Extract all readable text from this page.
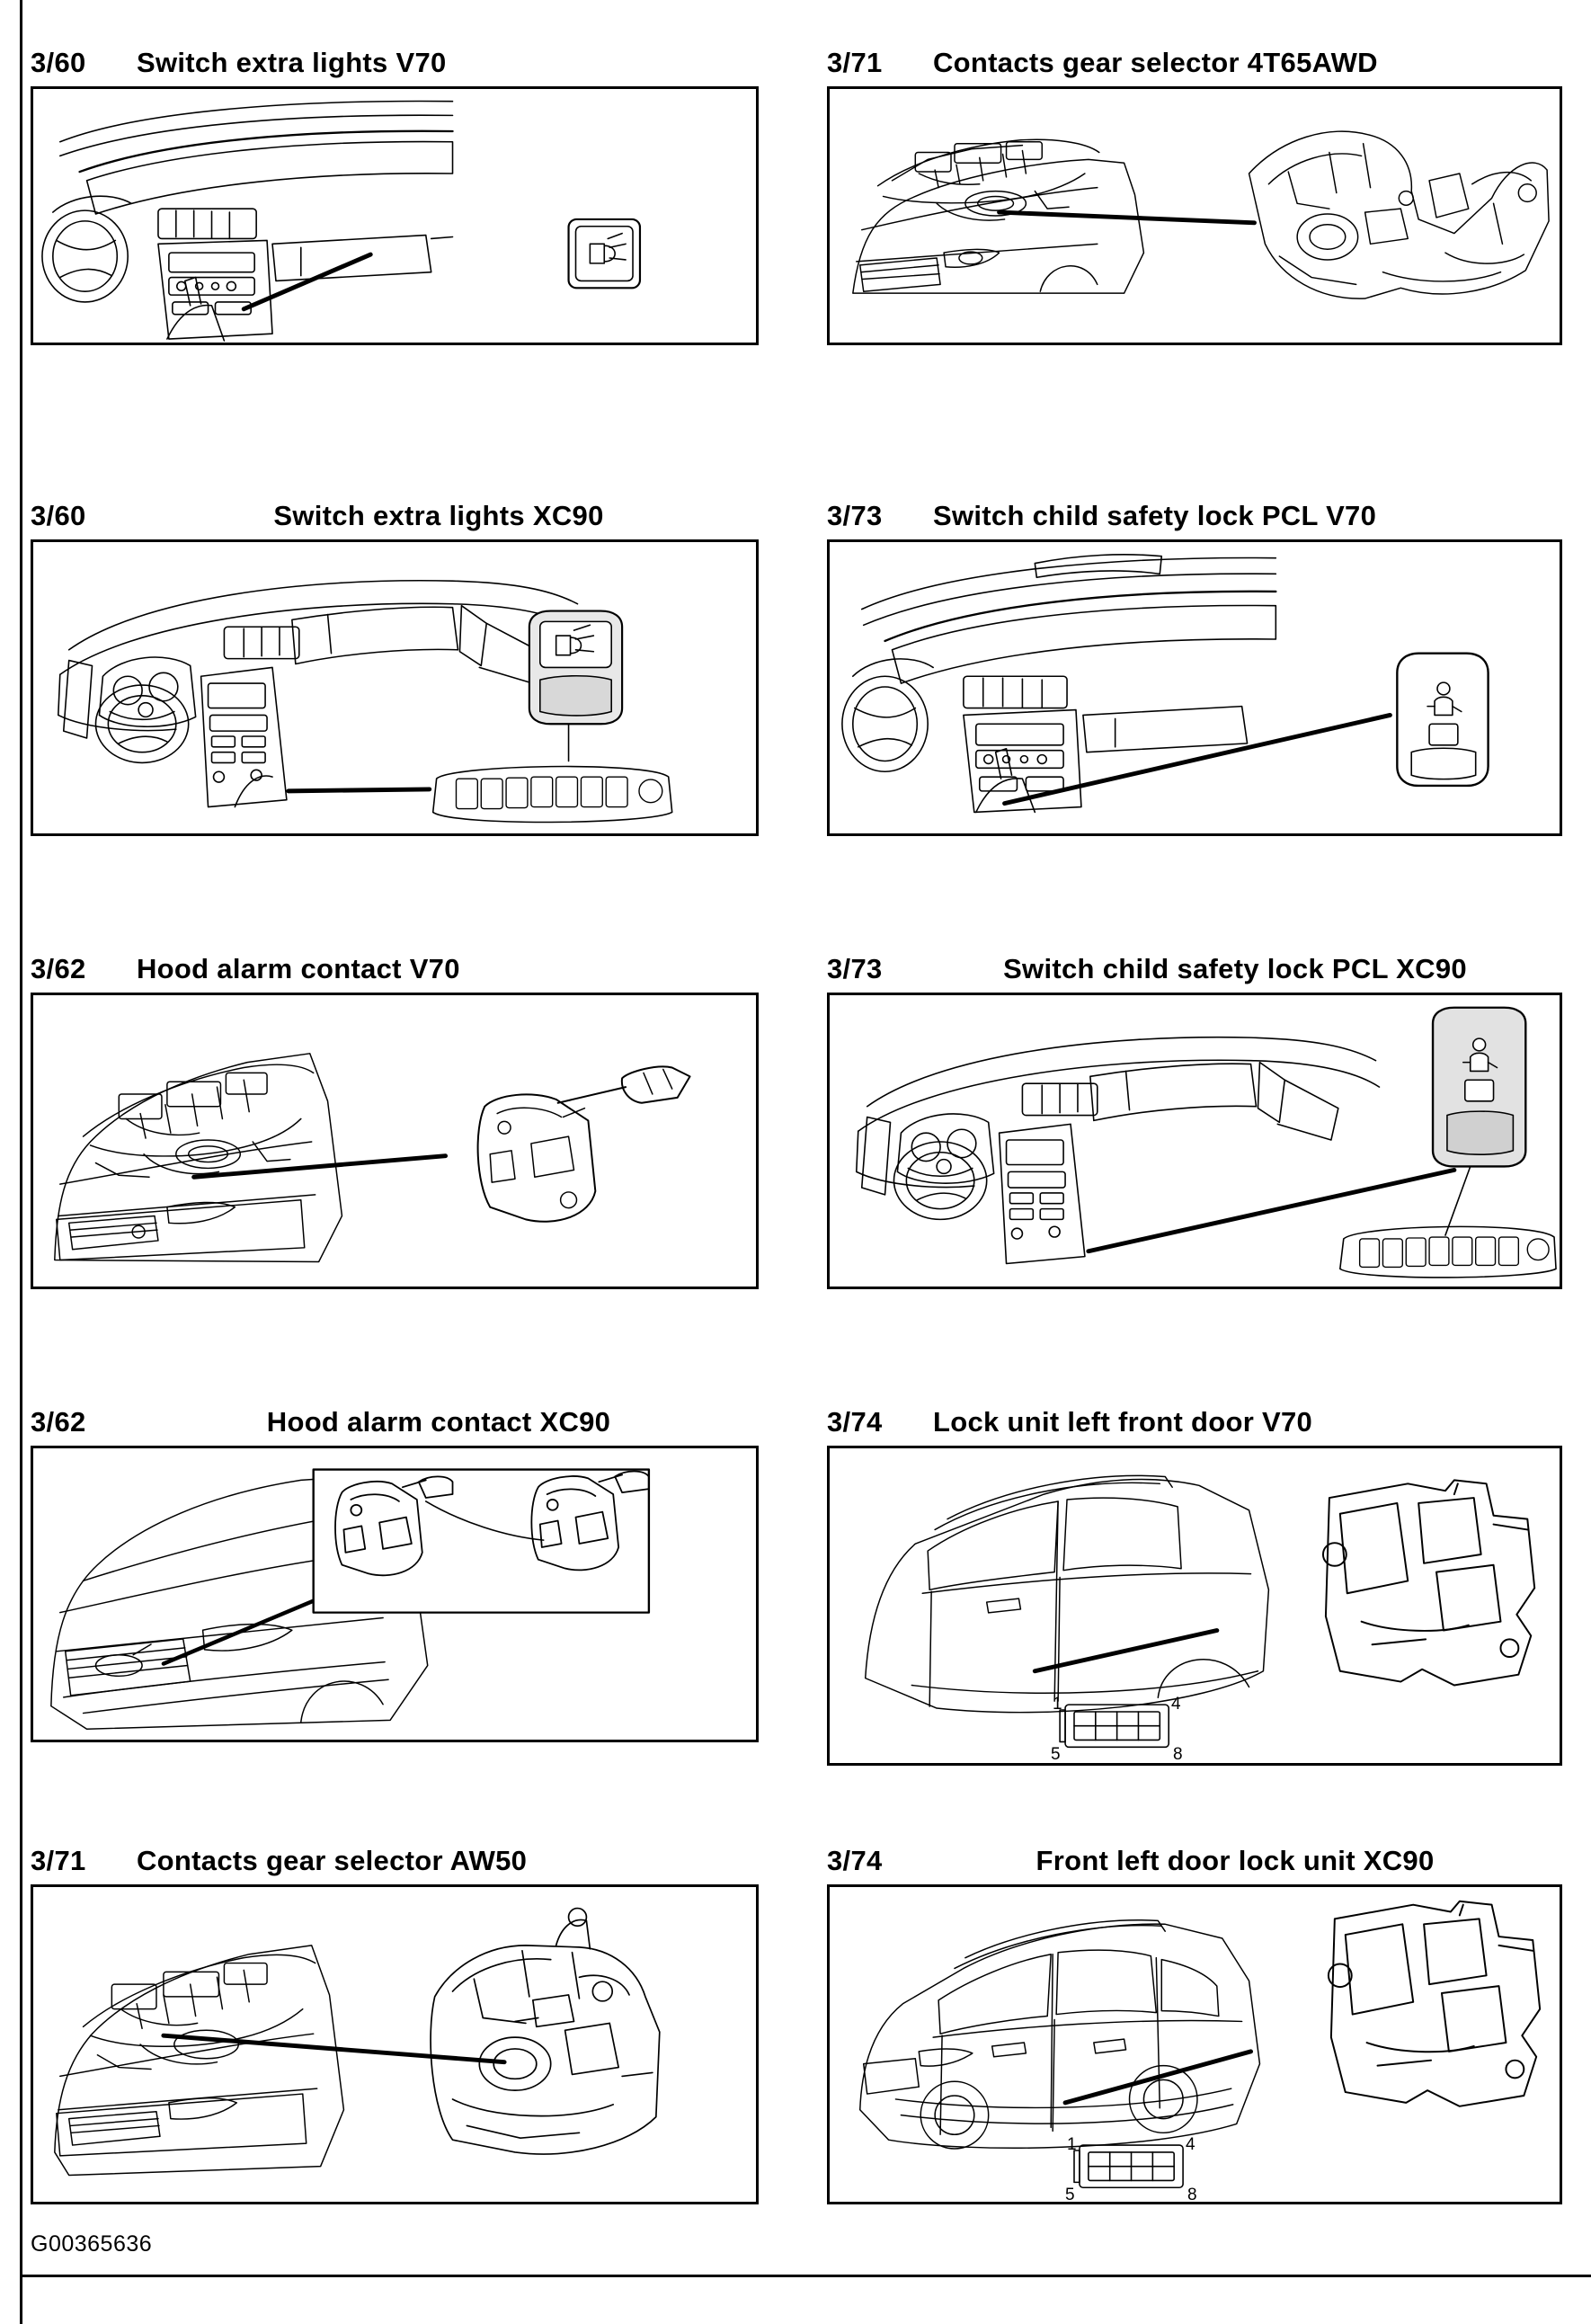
3/60	Switch extra lights V70	3/71	Contacts gear selector 4T65AWD
3/60	Switch extra lights XC90	3/73	Switch child safety lock PCL V70
3/62	Hood alarm contact V70	3/73	Switch child safety lock PCL XC90
3/62	Hood alarm contact XC90	3/74	Lock unit left front door V70
1	4
5	8
3/71	Contacts gear selector AW50	3/74	Front left door lock unit XC90
1	4
5	8
G00365636
